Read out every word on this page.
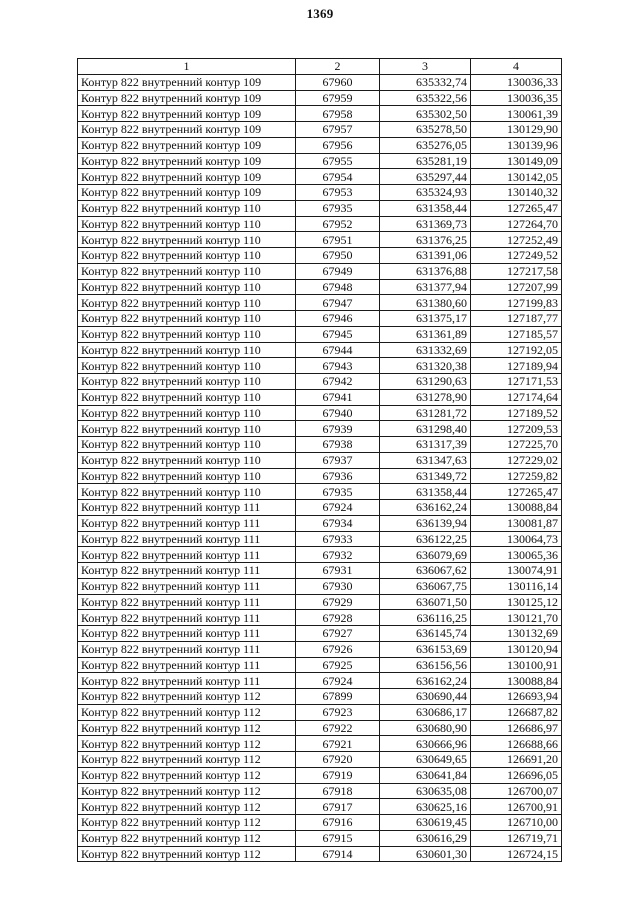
1369
1	2	3	4
Контур 822 внутренний контур 109	67960	635332,74	130036,33
Контур 822 внутренний контур 109	67959	635322,56	130036,35
Контур 822 внутренний контур 109	67958	635302,50	130061,39
Контур 822 внутренний контур 109	67957	635278,50	130129,90
Контур 822 внутренний контур 109	67956	635276,05	130139,96
Контур 822 внутренний контур 109	67955	635281,19	130149,09
Контур 822 внутренний контур 109	67954	635297,44	130142,05
Контур 822 внутренний контур 109	67953	635324,93	130140,32
Контур 822 внутренний контур 110	67935	631358,44	127265,47
Контур 822 внутренний контур 110	67952	631369,73	127264,70
Контур 822 внутренний контур 110	67951	631376,25	127252,49
Контур 822 внутренний контур 110	67950	631391,06	127249,52
Контур 822 внутренний контур 110	67949	631376,88	127217,58
Контур 822 внутренний контур 110	67948	631377,94	127207,99
Контур 822 внутренний контур 110	67947	631380,60	127199,83
Контур 822 внутренний контур 110	67946	631375,17	127187,77
Контур 822 внутренний контур 110	67945	631361,89	127185,57
Контур 822 внутренний контур 110	67944	631332,69	127192,05
Контур 822 внутренний контур 110	67943	631320,38	127189,94
Контур 822 внутренний контур 110	67942	631290,63	127171,53
Контур 822 внутренний контур 110	67941	631278,90	127174,64
Контур 822 внутренний контур 110	67940	631281,72	127189,52
Контур 822 внутренний контур 110	67939	631298,40	127209,53
Контур 822 внутренний контур 110	67938	631317,39	127225,70
Контур 822 внутренний контур 110	67937	631347,63	127229,02
Контур 822 внутренний контур 110	67936	631349,72	127259,82
Контур 822 внутренний контур 110	67935	631358,44	127265,47
Контур 822 внутренний контур 111	67924	636162,24	130088,84
Контур 822 внутренний контур 111	67934	636139,94	130081,87
Контур 822 внутренний контур 111	67933	636122,25	130064,73
Контур 822 внутренний контур 111	67932	636079,69	130065,36
Контур 822 внутренний контур 111	67931	636067,62	130074,91
Контур 822 внутренний контур 111	67930	636067,75	130116,14
Контур 822 внутренний контур 111	67929	636071,50	130125,12
Контур 822 внутренний контур 111	67928	636116,25	130121,70
Контур 822 внутренний контур 111	67927	636145,74	130132,69
Контур 822 внутренний контур 111	67926	636153,69	130120,94
Контур 822 внутренний контур 111	67925	636156,56	130100,91
Контур 822 внутренний контур 111	67924	636162,24	130088,84
Контур 822 внутренний контур 112	67899	630690,44	126693,94
Контур 822 внутренний контур 112	67923	630686,17	126687,82
Контур 822 внутренний контур 112	67922	630680,90	126686,97
Контур 822 внутренний контур 112	67921	630666,96	126688,66
Контур 822 внутренний контур 112	67920	630649,65	126691,20
Контур 822 внутренний контур 112	67919	630641,84	126696,05
Контур 822 внутренний контур 112	67918	630635,08	126700,07
Контур 822 внутренний контур 112	67917	630625,16	126700,91
Контур 822 внутренний контур 112	67916	630619,45	126710,00
Контур 822 внутренний контур 112	67915	630616,29	126719,71
Контур 822 внутренний контур 112	67914	630601,30	126724,15
